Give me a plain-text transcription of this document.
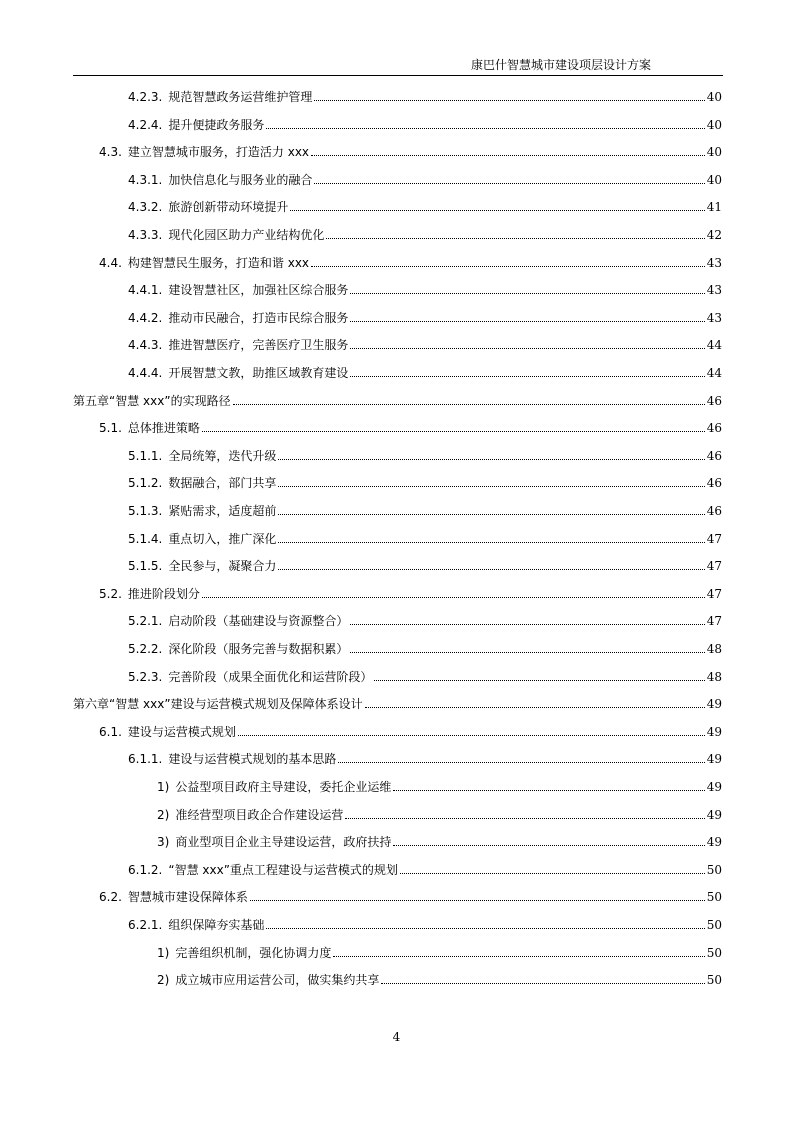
康巴什智慧城市建设项层设计方案
4.2.3. 规范智慧政务运营维护管理	40
4.2.4. 提升便捷政务服务	40
4.3. 建立智慧城市服务，打造活力 xxx	40
4.3.1. 加快信息化与服务业的融合	40
4.3.2. 旅游创新带动环境提升	41
4.3.3. 现代化园区助力产业结构优化	42
4.4. 构建智慧民生服务，打造和谐 xxx	43
4.4.1. 建设智慧社区，加强社区综合服务	43
4.4.2. 推动市民融合，打造市民综合服务	43
4.4.3. 推进智慧医疗，完善医疗卫生服务	44
4.4.4. 开展智慧文教，助推区域教育建设	44
第五章 “智慧 xxx”的实现路径	46
5.1. 总体推进策略	46
5.1.1. 全局统筹，迭代升级	46
5.1.2. 数据融合，部门共享	46
5.1.3. 紧贴需求，适度超前	46
5.1.4. 重点切入，推广深化	47
5.1.5. 全民参与，凝聚合力	47
5.2. 推进阶段划分	47
5.2.1. 启动阶段（基础建设与资源整合）	47
5.2.2. 深化阶段（服务完善与数据积累）	48
5.2.3. 完善阶段（成果全面优化和运营阶段）	48
第六章 “智慧 xxx”建设与运营模式规划及保障体系设计	49
6.1. 建设与运营模式规划	49
6.1.1. 建设与运营模式规划的基本思路	49
1) 公益型项目政府主导建设，委托企业运维	49
2) 准经营型项目政企合作建设运营	49
3) 商业型项目企业主导建设运营，政府扶持	49
6.1.2. “智慧 xxx”重点工程建设与运营模式的规划	50
6.2. 智慧城市建设保障体系	50
6.2.1. 组织保障夯实基础	50
1) 完善组织机制，强化协调力度	50
2) 成立城市应用运营公司，做实集约共享	50
4
